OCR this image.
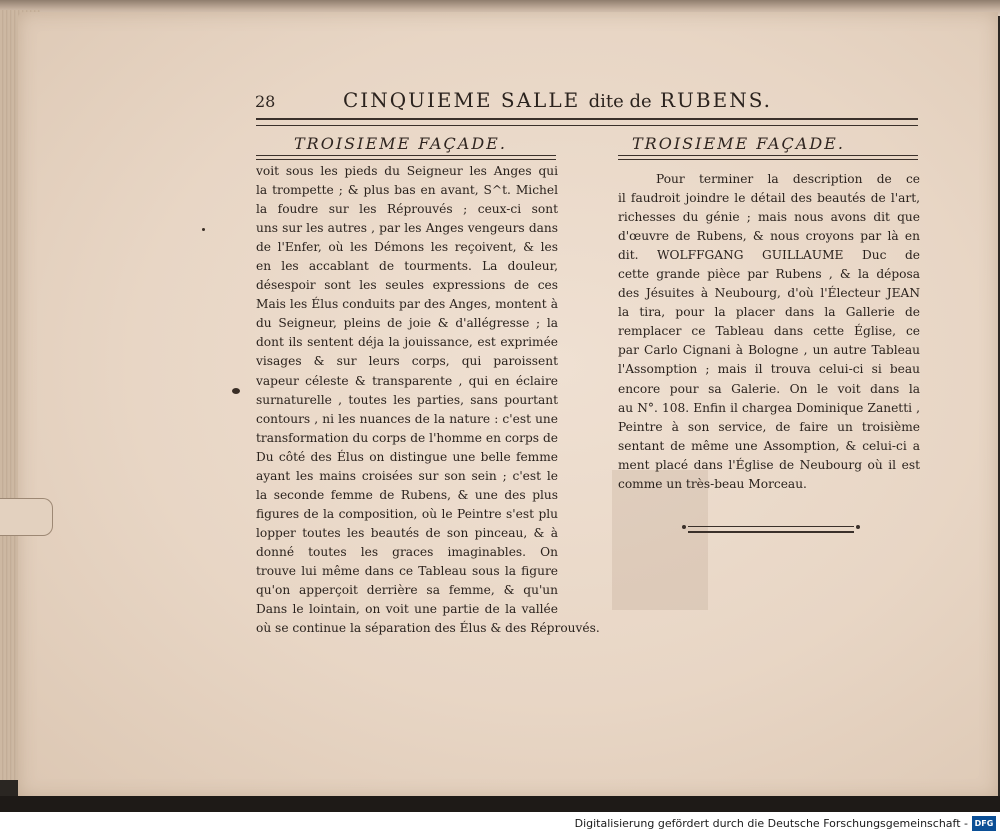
28	CINQUIEME SALLE dite de RUBENS.
TROISIEME FAÇADE.	TROISIEME FAÇADE.
voit sous les pieds du Seigneur les Anges qui
la trompette ; & plus bas en avant, S^t. Michel
la foudre sur les Réprouvés ; ceux-ci sont
uns sur les autres , par les Anges vengeurs dans
de l'Enfer, où les Démons les reçoivent, & les
en les accablant de tourments. La douleur,
désespoir sont les seules expressions de ces
Mais les Élus conduits par des Anges, montent à
du Seigneur, pleins de joie & d'allégresse ; la
dont ils sentent déja la jouissance, est exprimée
visages & sur leurs corps, qui paroissent
vapeur céleste & transparente , qui en éclaire
surnaturelle , toutes les parties, sans pourtant
contours , ni les nuances de la nature : c'est une
transformation du corps de l'homme en corps de
Du côté des Élus on distingue une belle femme
ayant les mains croisées sur son sein ; c'est le
la seconde femme de Rubens, & une des plus
figures de la composition, où le Peintre s'est plu
lopper toutes les beautés de son pinceau, & à
donné toutes les graces imaginables. On
trouve lui même dans ce Tableau sous la figure
qu'on apperçoit derrière sa femme, & qu'un
Dans le lointain, on voit une partie de la vallée
où se continue la séparation des Élus & des Réprouvés.
Pour terminer la description de ce
il faudroit joindre le détail des beautés de l'art,
richesses du génie ; mais nous avons dit que
d'œuvre de Rubens, & nous croyons par là en
dit. WOLFFGANG GUILLAUME Duc de
cette grande pièce par Rubens , & la déposa
des Jésuites à Neubourg, d'où l'Électeur JEAN
la tira, pour la placer dans la Gallerie de
remplacer ce Tableau dans cette Église, ce
par Carlo Cignani à Bologne , un autre Tableau
l'Assomption ; mais il trouva celui-ci si beau
encore pour sa Galerie. On le voit dans la
au N°. 108. Enfin il chargea Dominique Zanetti ,
Peintre à son service, de faire un troisième
sentant de même une Assomption, & celui-ci a
ment placé dans l'Église de Neubourg où il est
comme un très-beau Morceau.
Digitalisierung gefördert durch die Deutsche Forschungsgemeinschaft - DFG
